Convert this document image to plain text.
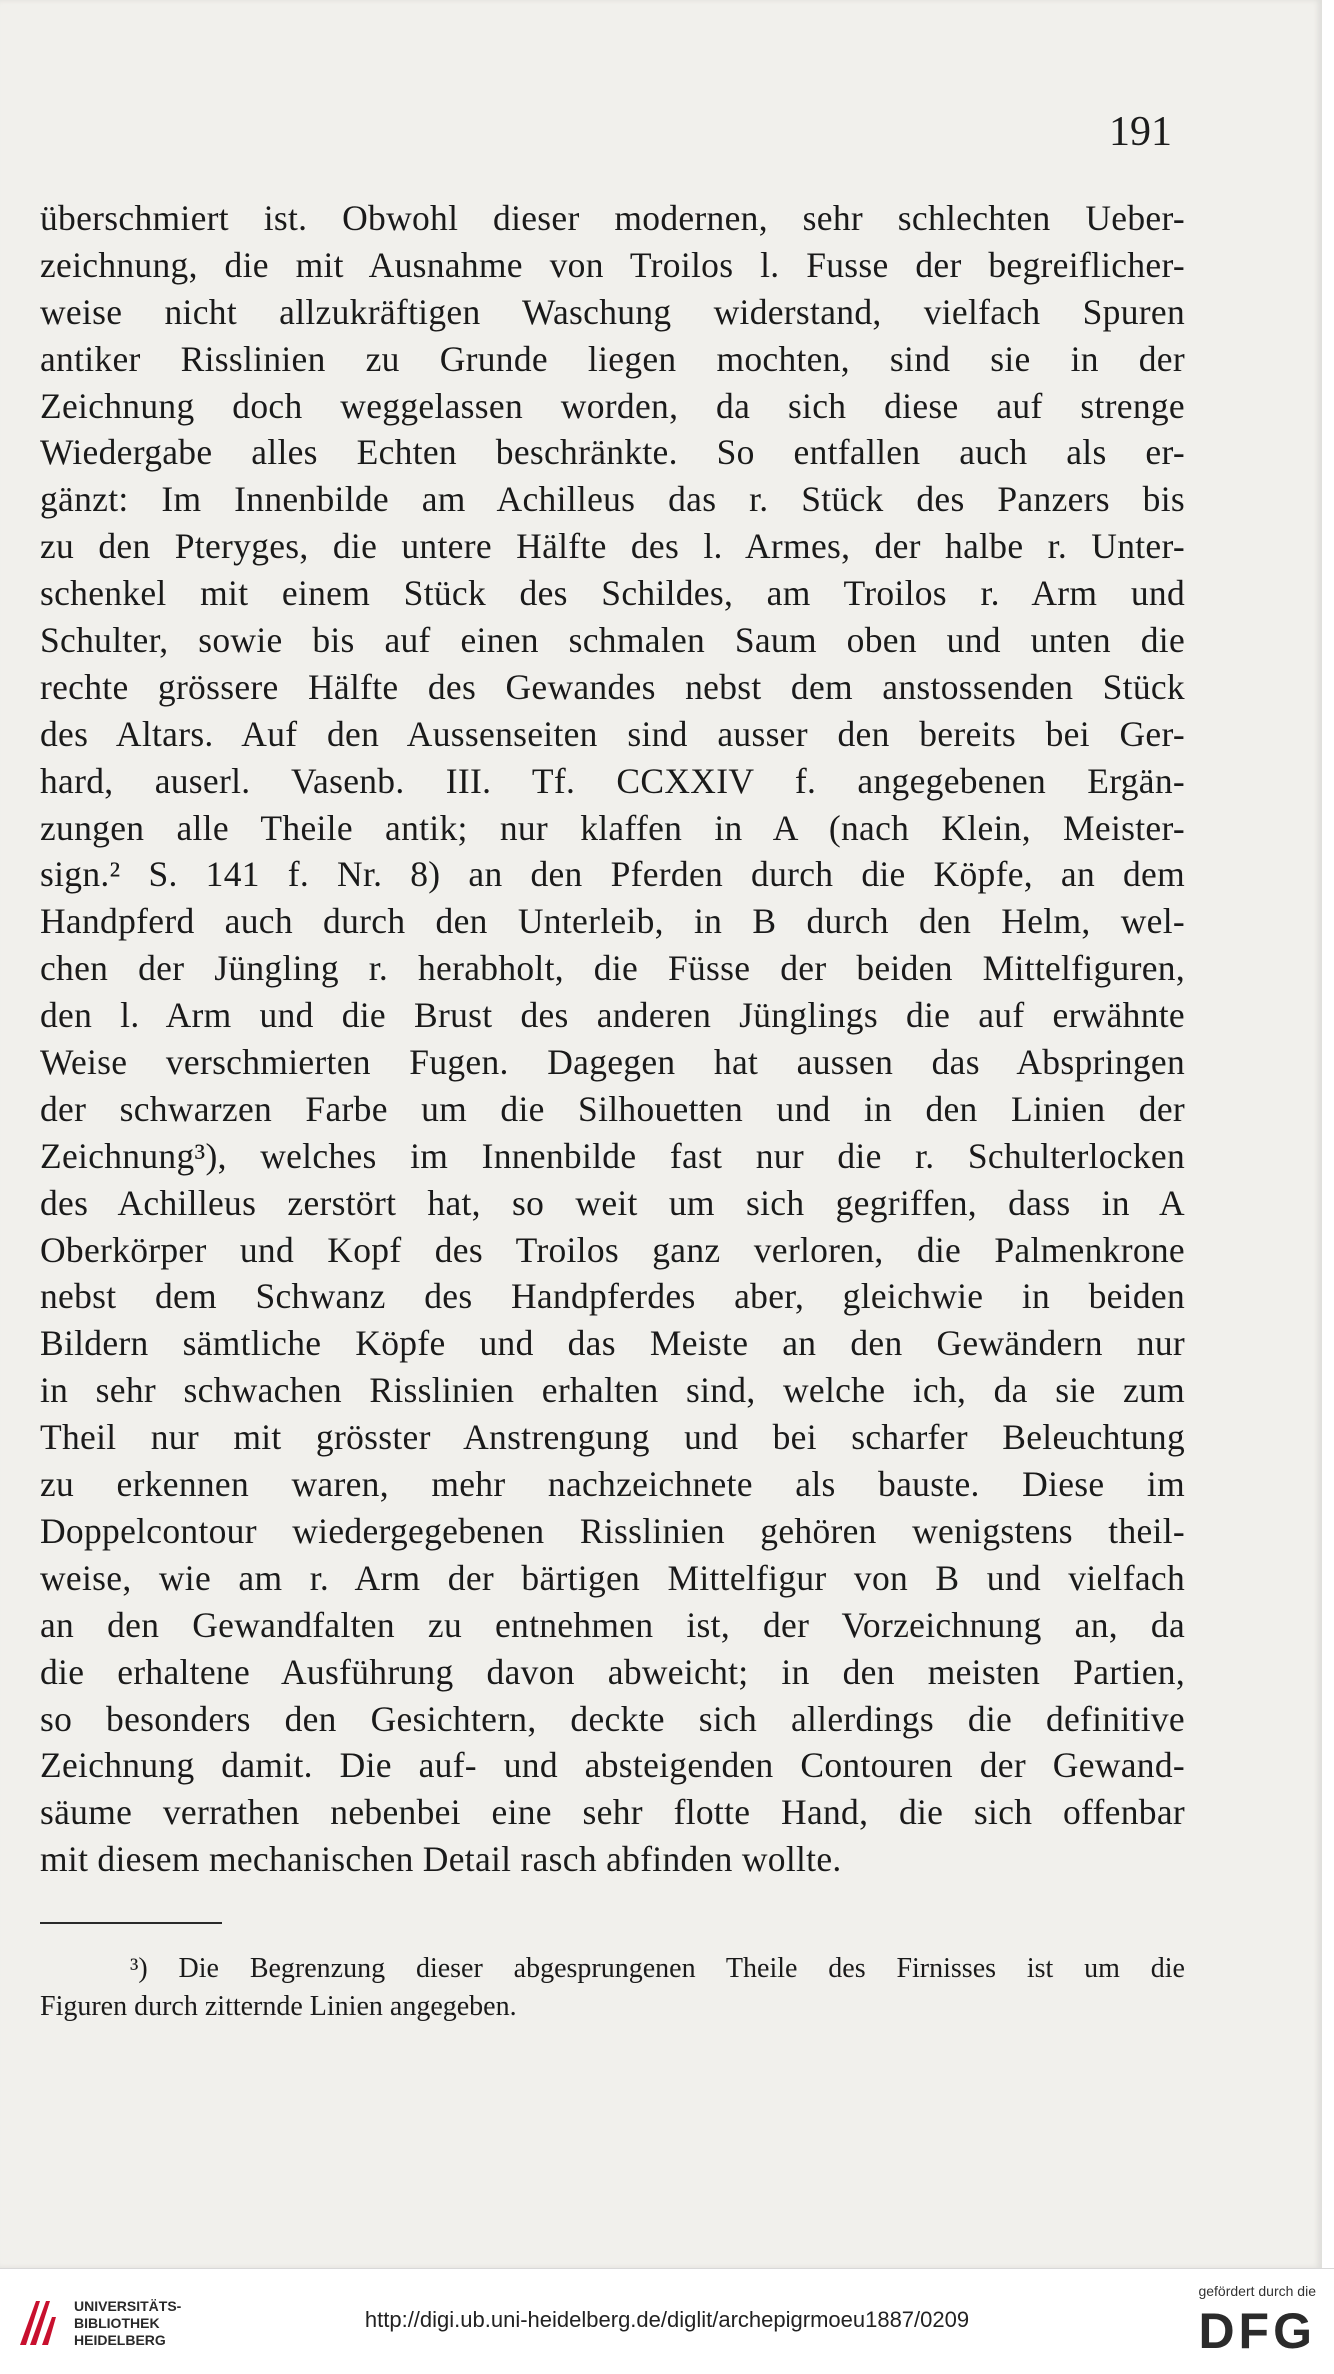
191
überschmiert ist. Obwohl dieser modernen, sehr schlechten Ueber-
zeichnung, die mit Ausnahme von Troilos l. Fusse der begreiflicher-
weise nicht allzukräftigen Waschung widerstand, vielfach Spuren
antiker Risslinien zu Grunde liegen mochten, sind sie in der
Zeichnung doch weggelassen worden, da sich diese auf strenge
Wiedergabe alles Echten beschränkte. So entfallen auch als er-
gänzt: Im Innenbilde am Achilleus das r. Stück des Panzers bis
zu den Pteryges, die untere Hälfte des l. Armes, der halbe r. Unter-
schenkel mit einem Stück des Schildes, am Troilos r. Arm und
Schulter, sowie bis auf einen schmalen Saum oben und unten die
rechte grössere Hälfte des Gewandes nebst dem anstossenden Stück
des Altars. Auf den Aussenseiten sind ausser den bereits bei Ger-
hard, auserl. Vasenb. III. Tf. CCXXIV f. angegebenen Ergän-
zungen alle Theile antik; nur klaffen in A (nach Klein, Meister-
sign.² S. 141 f. Nr. 8) an den Pferden durch die Köpfe, an dem
Handpferd auch durch den Unterleib, in B durch den Helm, wel-
chen der Jüngling r. herabholt, die Füsse der beiden Mittelfiguren,
den l. Arm und die Brust des anderen Jünglings die auf erwähnte
Weise verschmierten Fugen. Dagegen hat aussen das Abspringen
der schwarzen Farbe um die Silhouetten und in den Linien der
Zeichnung³), welches im Innenbilde fast nur die r. Schulterlocken
des Achilleus zerstört hat, so weit um sich gegriffen, dass in A
Oberkörper und Kopf des Troilos ganz verloren, die Palmenkrone
nebst dem Schwanz des Handpferdes aber, gleichwie in beiden
Bildern sämtliche Köpfe und das Meiste an den Gewändern nur
in sehr schwachen Risslinien erhalten sind, welche ich, da sie zum
Theil nur mit grösster Anstrengung und bei scharfer Beleuchtung
zu erkennen waren, mehr nachzeichnete als bauste. Diese im
Doppelcontour wiedergegebenen Risslinien gehören wenigstens theil-
weise, wie am r. Arm der bärtigen Mittelfigur von B und vielfach
an den Gewandfalten zu entnehmen ist, der Vorzeichnung an, da
die erhaltene Ausführung davon abweicht; in den meisten Partien,
so besonders den Gesichtern, deckte sich allerdings die definitive
Zeichnung damit. Die auf- und absteigenden Contouren der Gewand-
säume verrathen nebenbei eine sehr flotte Hand, die sich offenbar
mit diesem mechanischen Detail rasch abfinden wollte.
³) Die Begrenzung dieser abgesprungenen Theile des Firnisses ist um die
Figuren durch zitternde Linien angegeben.
UNIVERSITÄTS-
BIBLIOTHEK
HEIDELBERG
http://digi.ub.uni-heidelberg.de/diglit/archepigrmoeu1887/0209
gefördert durch die
DFG
